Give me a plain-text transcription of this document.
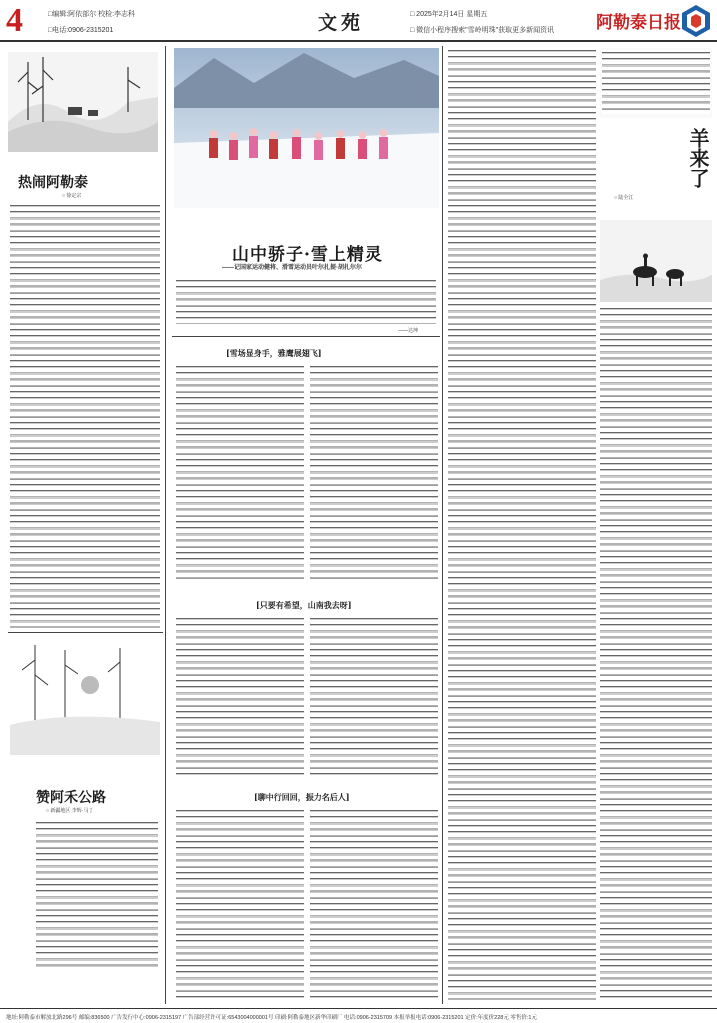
4	□编辑:阿依部尔 校检:李志科
□电话:0906-2315201	文苑	□ 2025年2月14日 星期五
□ 微信小程序搜索"雪岭明珠"获取更多新闻资讯 阿勒泰日报
热闹阿勒泰
○ 徐定宗
赞阿禾公路
○ 新疆地区 李辉·马丁
山中骄子·雪上精灵
——记国家运动健将、滑雪运动员叶尔扎提·胡扎尔尔
——达坤
[雪场显身手，雅鹰展翅飞]
[只要有希望，山南我去呀]
[聊中行回回，振力名后人]
羊来了
○ 陆全江
地址:阿勒泰市解放北路296号 邮编:836500 广告发行中心:0906-2315197 广告部经营许可证:6543004000001号 印刷:阿勒泰地区新华印刷厂 电话:0906-2315709 本报举报电话:0906-2315201 定价:年度价228元 零售价:1元
